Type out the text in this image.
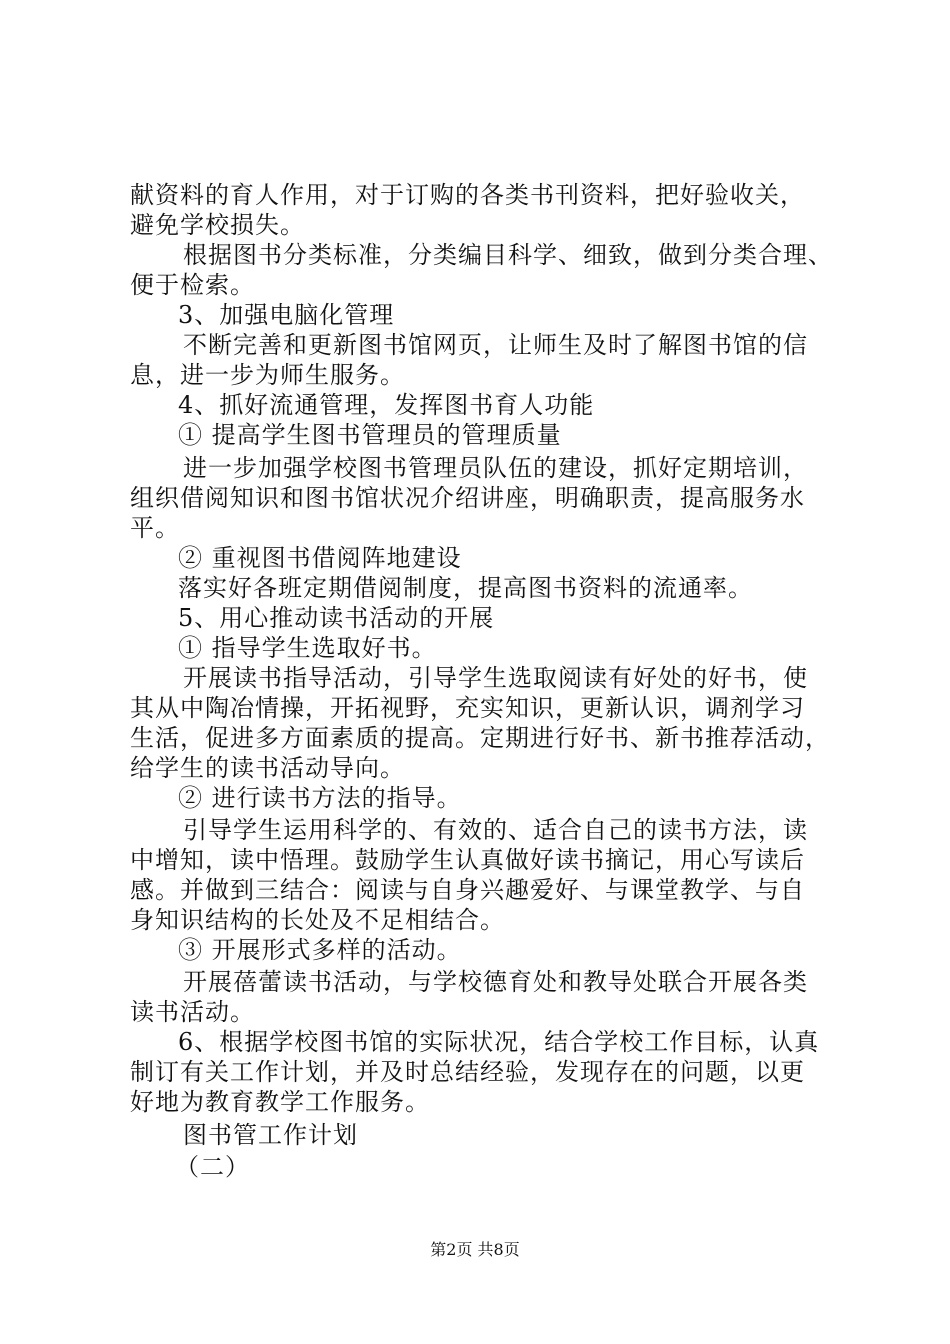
献资料的育人作用，对于订购的各类书刊资料，把好验收关，
避免学校损失。
根据图书分类标准，分类编目科学、细致，做到分类合理、
便于检索。
3、加强电脑化管理
不断完善和更新图书馆网页，让师生及时了解图书馆的信
息，进一步为师生服务。
4、抓好流通管理，发挥图书育人功能
① 提高学生图书管理员的管理质量
进一步加强学校图书管理员队伍的建设，抓好定期培训，
组织借阅知识和图书馆状况介绍讲座，明确职责，提高服务水
平。
② 重视图书借阅阵地建设
落实好各班定期借阅制度，提高图书资料的流通率。
5、用心推动读书活动的开展
① 指导学生选取好书。
开展读书指导活动，引导学生选取阅读有好处的好书，使
其从中陶冶情操，开拓视野，充实知识，更新认识，调剂学习
生活，促进多方面素质的提高。定期进行好书、新书推荐活动，
给学生的读书活动导向。
② 进行读书方法的指导。
引导学生运用科学的、有效的、适合自己的读书方法，读
中增知，读中悟理。鼓励学生认真做好读书摘记，用心写读后
感。并做到三结合：阅读与自身兴趣爱好、与课堂教学、与自
身知识结构的长处及不足相结合。
③ 开展形式多样的活动。
开展蓓蕾读书活动，与学校德育处和教导处联合开展各类
读书活动。
6、根据学校图书馆的实际状况，结合学校工作目标，认真
制订有关工作计划，并及时总结经验，发现存在的问题，以更
好地为教育教学工作服务。
图书管工作计划
（二）
第2页 共8页
